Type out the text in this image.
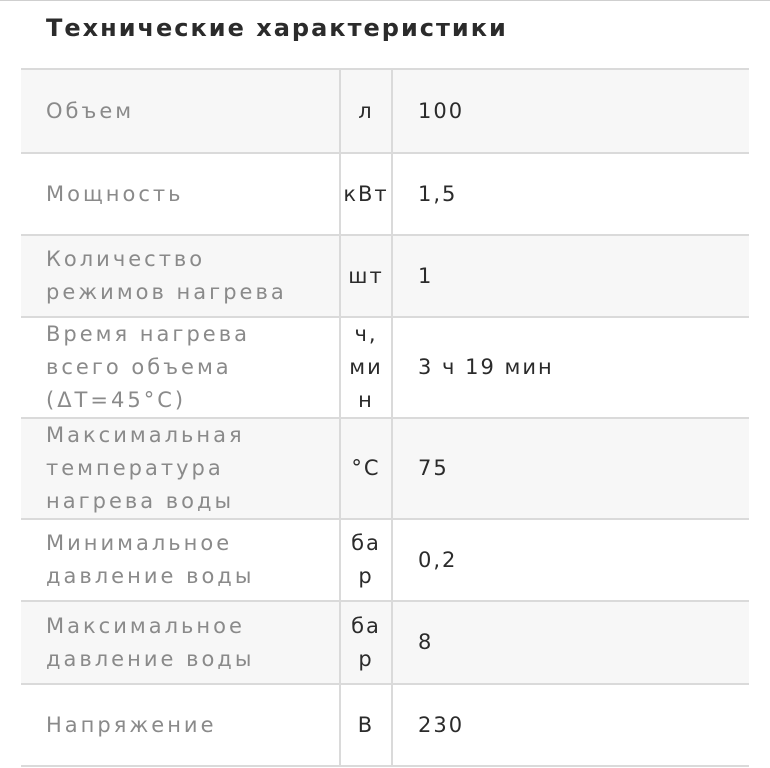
Технические характеристики
Объем	л	100
Мощность	кВт	1,5
Количество режимов нагрева	шт	1
Время нагрева всего объема (ΔT=45°C)	ч, ми н	3 ч 19 мин
Максимальная температура нагрева воды	°C	75
Минимальное давление воды	ба р	0,2
Максимальное давление воды	ба р	8
Напряжение	В	230
